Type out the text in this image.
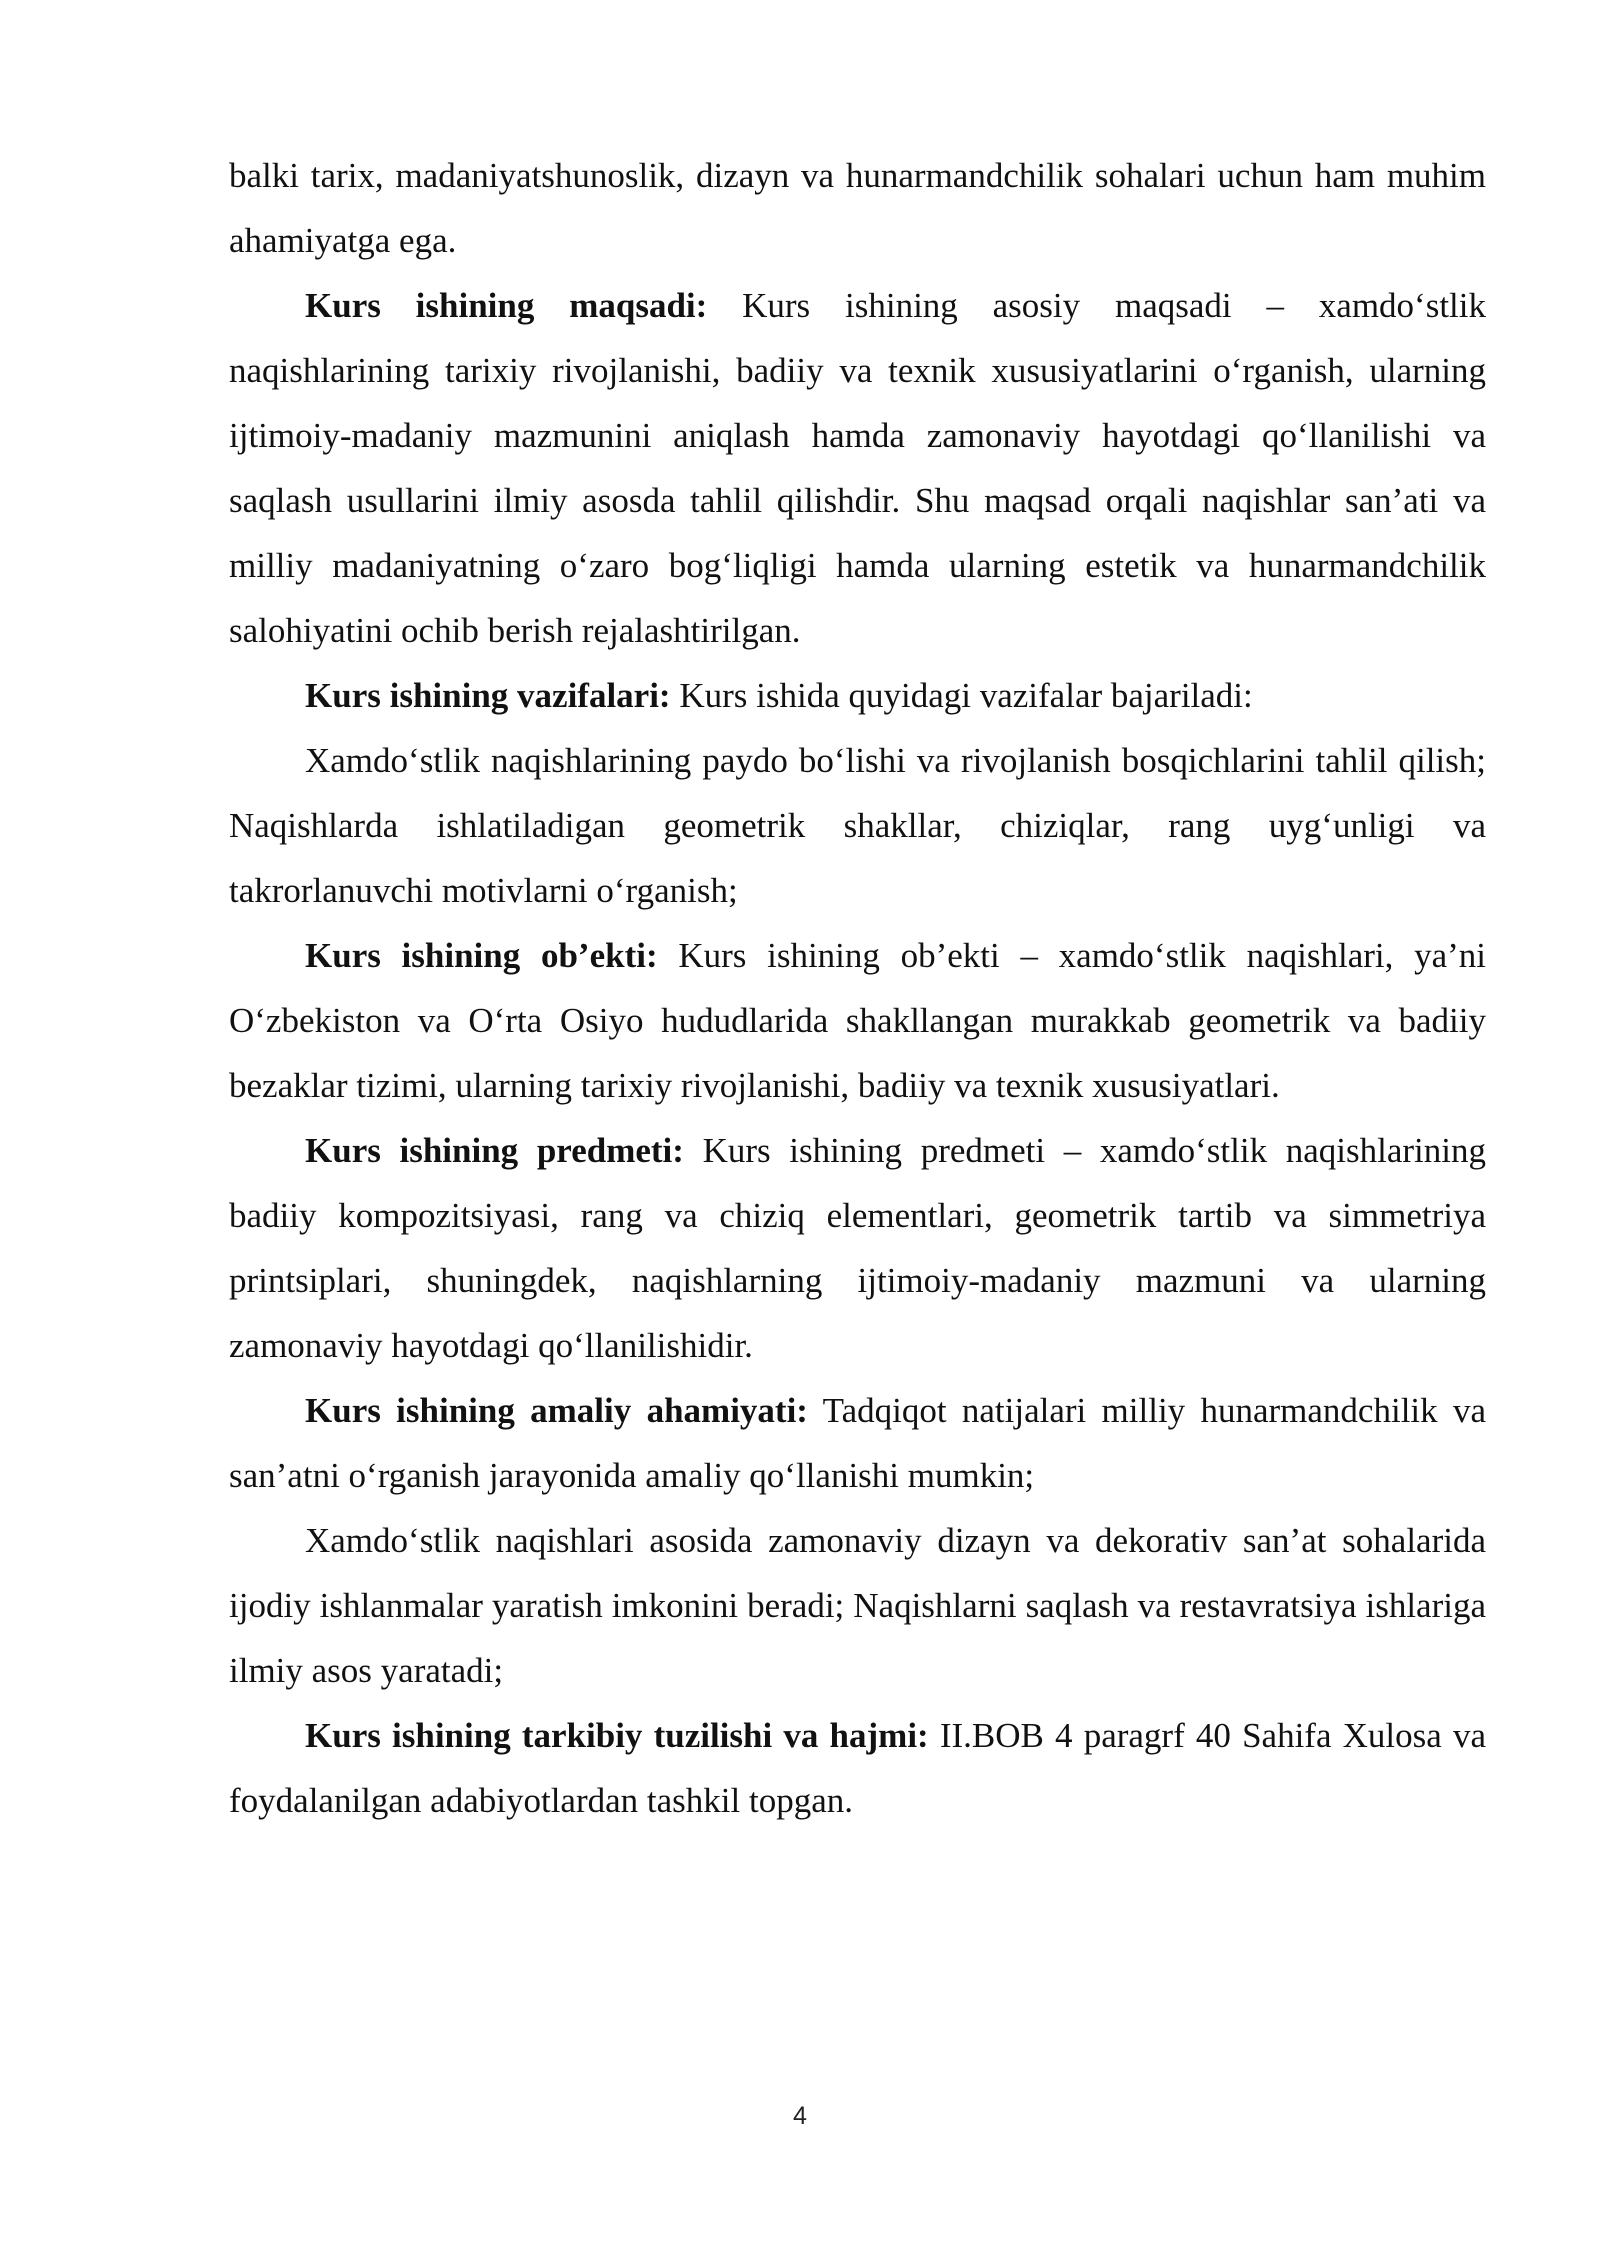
balki tarix, madaniyatshunoslik, dizayn va hunarmandchilik sohalari uchun ham muhim ahamiyatga ega.

Kurs ishining maqsadi: Kurs ishining asosiy maqsadi – xamdo‘stlik naqishlarining tarixiy rivojlanishi, badiiy va texnik xususiyatlarini o‘rganish, ularning ijtimoiy-madaniy mazmunini aniqlash hamda zamonaviy hayotdagi qo‘llanilishi va saqlash usullarini ilmiy asosda tahlil qilishdir. Shu maqsad orqali naqishlar san’ati va milliy madaniyatning o‘zaro bog‘liqligi hamda ularning estetik va hunarmandchilik salohiyatini ochib berish rejalashtirilgan.

Kurs ishining vazifalari: Kurs ishida quyidagi vazifalar bajariladi:

Xamdo‘stlik naqishlarining paydo bo‘lishi va rivojlanish bosqichlarini tahlil qilish; Naqishlarda ishlatiladigan geometrik shakllar, chiziqlar, rang uyg‘unligi va takrorlanuvchi motivlarni o‘rganish;

Kurs ishining ob’ekti: Kurs ishining ob’ekti – xamdo‘stlik naqishlari, ya’ni O‘zbekiston va O‘rta Osiyo hududlarida shakllangan murakkab geometrik va badiiy bezaklar tizimi, ularning tarixiy rivojlanishi, badiiy va texnik xususiyatlari.

Kurs ishining predmeti: Kurs ishining predmeti – xamdo‘stlik naqishlarining badiiy kompozitsiyasi, rang va chiziq elementlari, geometrik tartib va simmetriya printsiplari, shuningdek, naqishlarning ijtimoiy-madaniy mazmuni va ularning zamonaviy hayotdagi qo‘llanilishidir.

Kurs ishining amaliy ahamiyati: Tadqiqot natijalari milliy hunarmandchilik va san’atni o‘rganish jarayonida amaliy qo‘llanishi mumkin;

Xamdo‘stlik naqishlari asosida zamonaviy dizayn va dekorativ san’at sohalarida ijodiy ishlanmalar yaratish imkonini beradi; Naqishlarni saqlash va restavratsiya ishlariga ilmiy asos yaratadi;

Kurs ishining tarkibiy tuzilishi va hajmi: II.BOB 4 paragrf 40 Sahifa Xulosa va foydalanilgan adabiyotlardan tashkil topgan.

4
